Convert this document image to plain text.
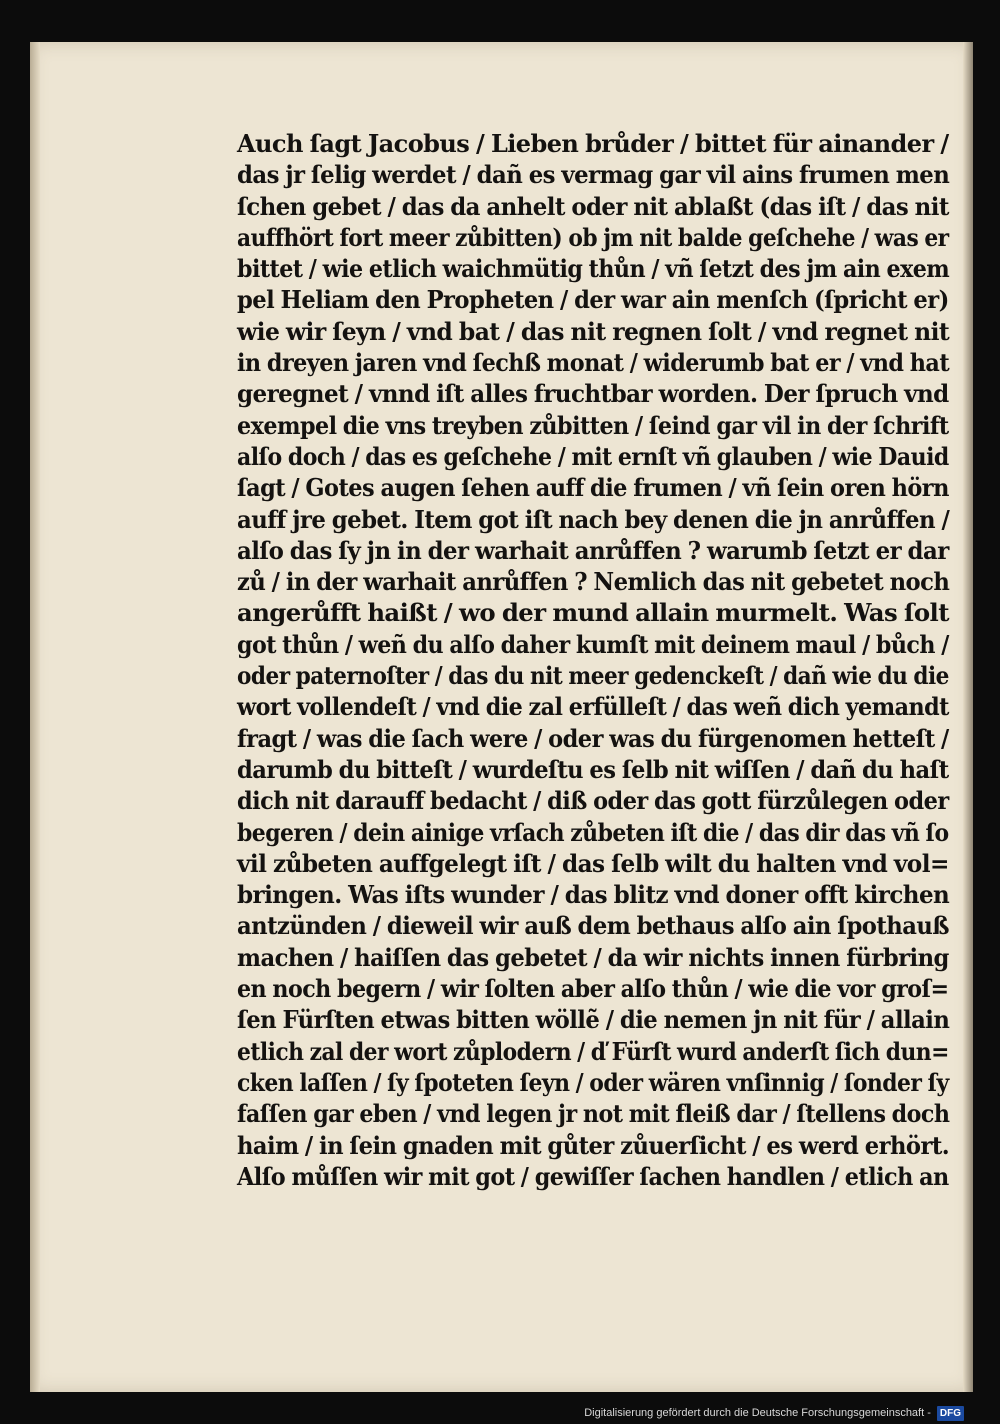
Auch ſagt Jacobus / Lieben brůder / bittet für ainander /
das jr ſelig werdet / dañ es vermag gar vil ains frumen men
ſchen gebet / das da anhelt oder nit ablaßt (das iſt / das nit
auffhört fort meer zůbitten) ob jm nit balde geſchehe / was er
bittet / wie etlich waichmütig thůn / vñ ſetzt des jm ain exem
pel Heliam den Propheten / der war ain menſch (ſpricht er)
wie wir ſeyn / vnd bat / das nit regnen ſolt / vnd regnet nit
in dreyen jaren vnd ſechß monat / widerumb bat er / vnd hat
geregnet / vnnd iſt alles fruchtbar worden. Der ſpruch vnd
exempel die vns treyben zůbitten / ſeind gar vil in der ſchrift
alſo doch / das es geſchehe / mit ernſt vñ glauben / wie Dauid
ſagt / Gotes augen ſehen auff die frumen / vñ ſein oren hörn
auff jre gebet. Item got iſt nach bey denen die jn anrůffen /
alſo das ſy jn in der warhait anrůffen ? warumb ſetzt er dar
zů / in der warhait anrůffen ? Nemlich das nit gebetet noch
angerůfft haißt / wo der mund allain murmelt. Was ſolt
got thůn / weñ du alſo daher kumſt mit deinem maul / bůch /
oder paternoſter / das du nit meer gedenckeſt / dañ wie du die
wort vollendeſt / vnd die zal erfülleſt / das weñ dich yemandt
fragt / was die ſach were / oder was du fürgenomen hetteſt /
darumb du bitteſt / wurdeſtu es ſelb nit wiſſen / dañ du haſt
dich nit darauff bedacht / diß oder das gott fürzůlegen oder
begeren / dein ainige vrſach zůbeten iſt die / das dir das vñ ſo
vil zůbeten auffgelegt iſt / das ſelb wilt du halten vnd vol=
bringen. Was iſts wunder / das blitz vnd doner offt kirchen
antzünden / dieweil wir auß dem bethaus alſo ain ſpothauß
machen / haiſſen das gebetet / da wir nichts innen fürbring
en noch begern / wir ſolten aber alſo thůn / wie die vor groſ=
ſen Fürſten etwas bitten wöllẽ / die nemen jn nit für / allain
etlich zal der wort zůplodern / ď Fürſt wurd anderſt ſich dun=
cken laſſen / ſy ſpoteten ſeyn / oder wären vnſinnig / ſonder ſy
faſſen gar eben / vnd legen jr not mit fleiß dar / ſtellens doch
haim / in ſein gnaden mit gůter zůuerſicht / es werd erhört.
Alſo můſſen wir mit got / gewiſſer ſachen handlen / etlich an
Digitalisierung gefördert durch die Deutsche Forschungsgemeinschaft - DFG
